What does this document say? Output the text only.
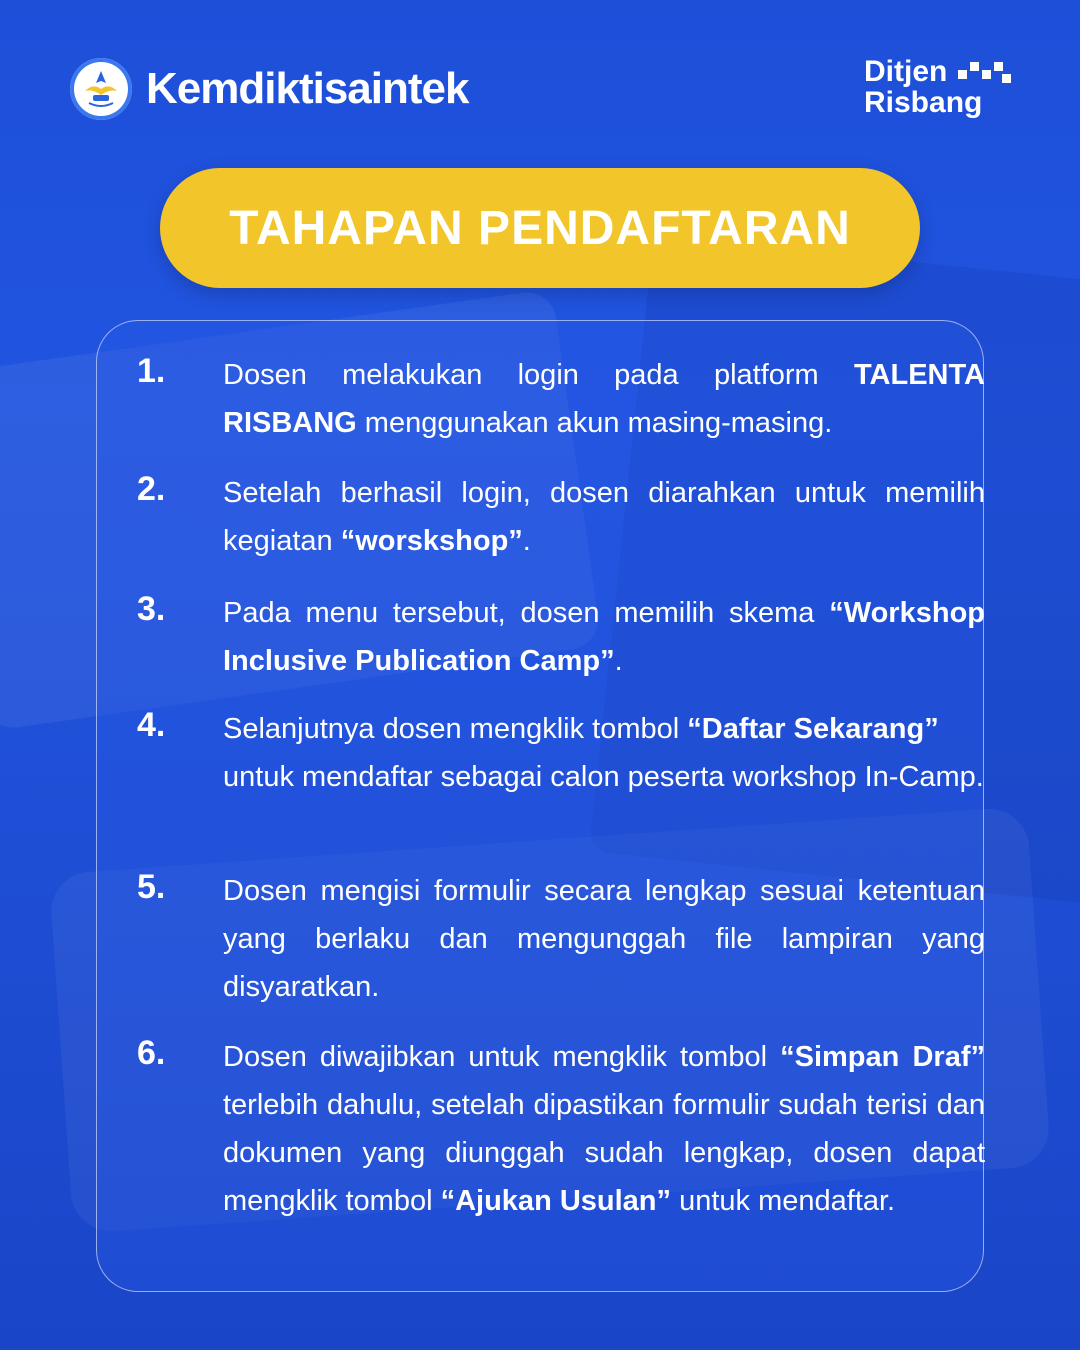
Kemdiktisaintek	Ditjen
Risbang
TAHAPAN PENDAFTARAN
1. Dosen melakukan login pada platform TALENTA RISBANG menggunakan akun masing-masing.
2. Setelah berhasil login, dosen diarahkan untuk memilih kegiatan “worskshop”.
3. Pada menu tersebut, dosen memilih skema “Workshop Inclusive Publication Camp”.
4. Selanjutnya dosen mengklik tombol “Daftar Sekarang” untuk mendaftar sebagai calon peserta workshop In-Camp.
5. Dosen mengisi formulir secara lengkap sesuai ketentuan yang berlaku dan mengunggah file lampiran yang disyaratkan.
6. Dosen diwajibkan untuk mengklik tombol “Simpan Draf” terlebih dahulu, setelah dipastikan formulir sudah terisi dan dokumen yang diunggah sudah lengkap, dosen dapat mengklik tombol “Ajukan Usulan” untuk mendaftar.
